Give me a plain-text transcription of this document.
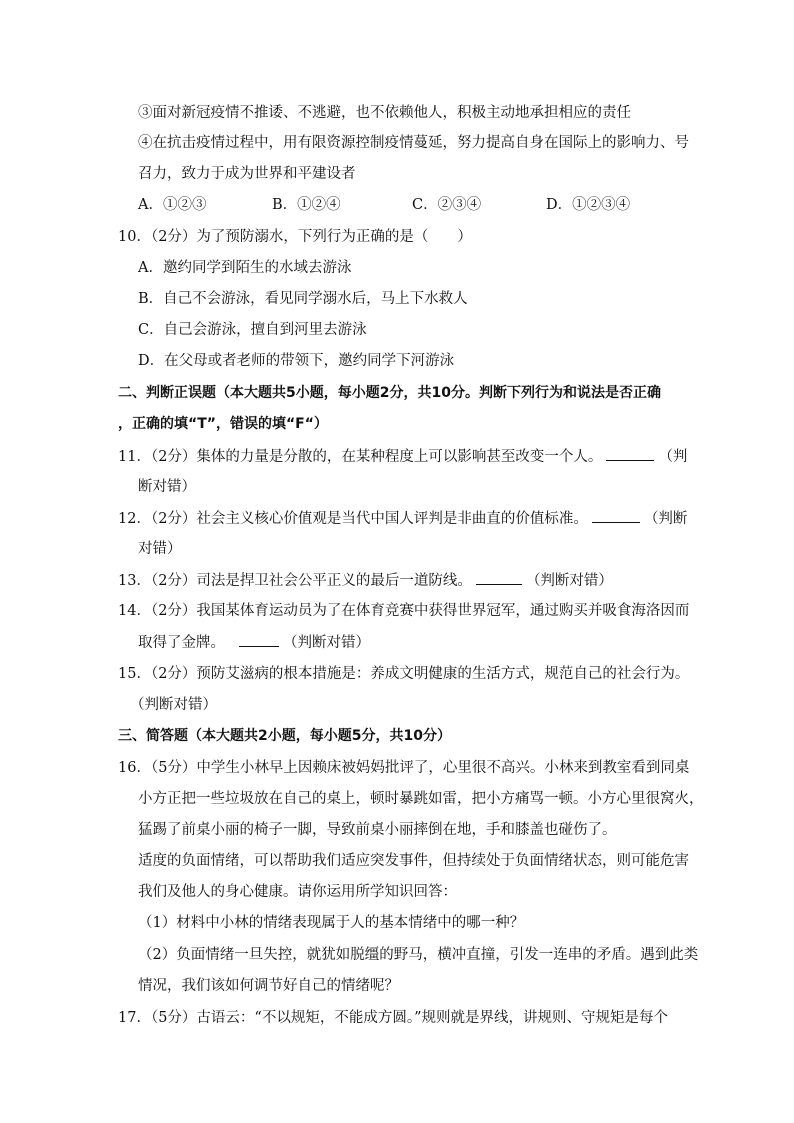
③面对新冠疫情不推诿、不逃避，也不依赖他人，积极主动地承担相应的责任
④在抗击疫情过程中，用有限资源控制疫情蔓延，努力提高自身在国际上的影响力、号
召力，致力于成为世界和平建设者
A．①②③	B．①②④	C．②③④	D．①②③④
10．（2分）为了预防溺水，下列行为正确的是（　　）
A．邀约同学到陌生的水域去游泳
B．自己不会游泳，看见同学溺水后，马上下水救人
C．自己会游泳，擅自到河里去游泳
D．在父母或者老师的带领下，邀约同学下河游泳
二、判断正误题（本大题共5小题，每小题2分，共10分。判断下列行为和说法是否正确
，正确的填“T”，错误的填“F“）
11．（2分）集体的力量是分散的，在某种程度上可以影响甚至改变一个人。	（判
断对错）
12．（2分）社会主义核心价值观是当代中国人评判是非曲直的价值标准。	（判断
对错）
13．（2分）司法是捍卫社会公平正义的最后一道防线。	（判断对错）
14．（2分）我国某体育运动员为了在体育竞赛中获得世界冠军，通过购买并吸食海洛因而
取得了金牌。	（判断对错）
15．（2分）预防艾滋病的根本措施是：养成文明健康的生活方式，规范自己的社会行为。
（判断对错）
三、简答题（本大题共2小题，每小题5分，共10分）
16．（5分）中学生小林早上因赖床被妈妈批评了，心里很不高兴。小林来到教室看到同桌
小方正把一些垃圾放在自己的桌上，顿时暴跳如雷，把小方痛骂一顿。小方心里很窝火，
猛踢了前桌小丽的椅子一脚，导致前桌小丽摔倒在地，手和膝盖也碰伤了。
适度的负面情绪，可以帮助我们适应突发事件，但持续处于负面情绪状态，则可能危害
我们及他人的身心健康。请你运用所学知识回答：
（1）材料中小林的情绪表现属于人的基本情绪中的哪一种？
（2）负面情绪一旦失控，就犹如脱缰的野马，横冲直撞，引发一连串的矛盾。遇到此类
情况，我们该如何调节好自己的情绪呢？
17．（5分）古语云：“不以规矩，不能成方圆。”规则就是界线，讲规则、守规矩是每个
